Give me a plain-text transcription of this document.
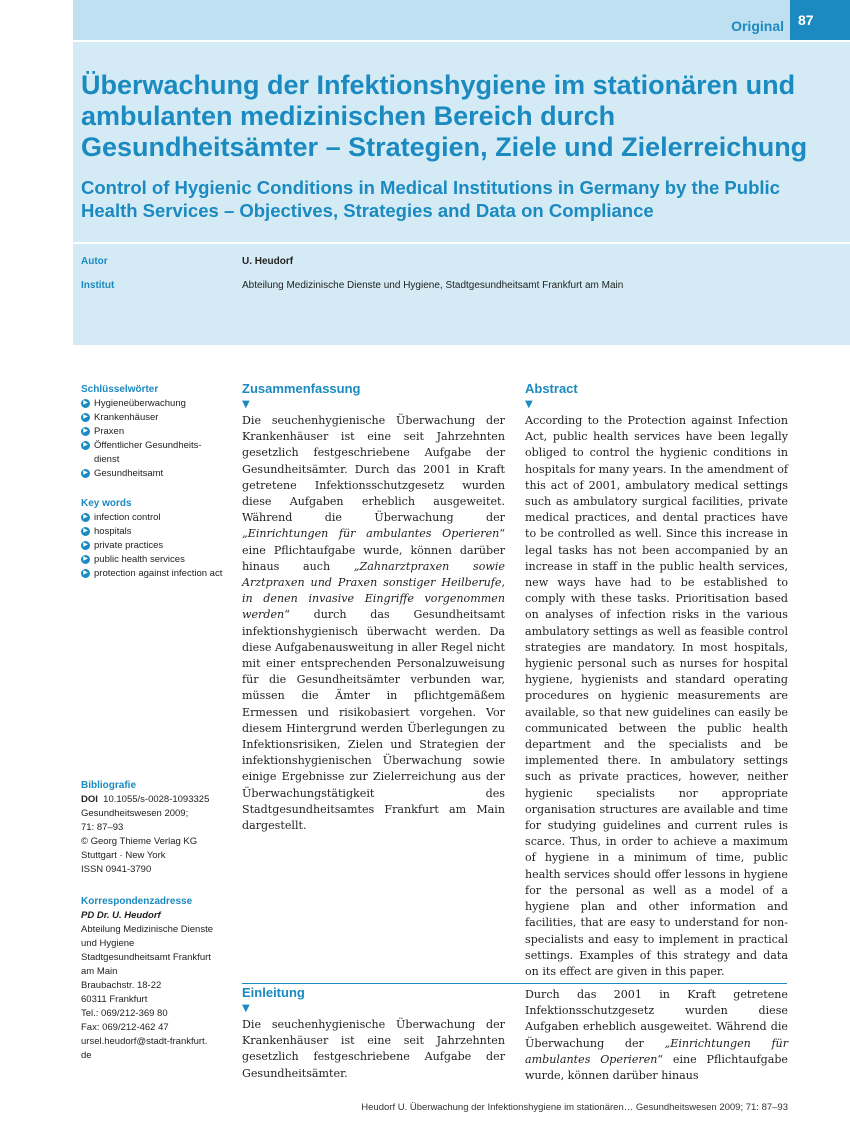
Original	87
Überwachung der Infektionshygiene im stationären und ambulanten medizinischen Bereich durch Gesundheitsämter – Strategien, Ziele und Zielerreichung
Control of Hygienic Conditions in Medical Institutions in Germany by the Public Health Services – Objectives, Strategies and Data on Compliance
Autor	U. Heudorf
Institut	Abteilung Medizinische Dienste und Hygiene, Stadtgesundheitsamt Frankfurt am Main
Schlüsselwörter
▶ Hygieneüberwachung
▶ Krankenhäuser
▶ Praxen
▶ Öffentlicher Gesundheits-dienst
▶ Gesundheitsamt
Key words
▶ infection control
▶ hospitals
▶ private practices
▶ public health services
▶ protection against infection act
Bibliografie

DOI 10.1055/s-0028-1093325

Gesundheitswesen 2009;

71: 87–93

© Georg Thieme Verlag KG

Stuttgart · New York

ISSN 0941-3790

Korrespondenzadresse

PD Dr. U. Heudorf

Abteilung Medizinische Dienste

und Hygiene

Stadtgesundheitsamt Frankfurt

am Main

Braubachstr. 18-22

60311 Frankfurt

Tel.: 069/212-369 80

Fax: 069/212-462 47

ursel.heudorf@stadt-frankfurt.

de

Zusammenfassung
▼

Die seuchenhygienische Überwachung der Krankenhäuser ist eine seit Jahrzehnten gesetzlich festgeschriebene Aufgabe der Gesundheitsämter. Durch das 2001 in Kraft getretene Infektionsschutzgesetz wurden diese Aufgaben erheblich ausgeweitet. Während die Überwachung der „Einrichtungen für ambulantes Operieren“ eine Pflichtaufgabe wurde, können darüber hinaus auch „Zahnarztpraxen sowie Arztpraxen und Praxen sonstiger Heilberufe, in denen invasive Eingriffe vorgenommen werden“ durch das Gesundheitsamt infektionshygienisch überwacht werden. Da diese Aufgabenausweitung in aller Regel nicht mit einer entsprechenden Personalzuweisung für die Gesundheitsämter verbunden war, müssen die Ämter in pflichtgemäßem Ermessen und risikobasiert vorgehen. Vor diesem Hintergrund werden Überlegungen zu Infektionsrisiken, Zielen und Strategien der infektionshygienischen Überwachung sowie einige Ergebnisse zur Zielerreichung aus der Überwachungstätigkeit des Stadtgesundheitsamtes Frankfurt am Main dargestellt.

Abstract
▼

According to the Protection against Infection Act, public health services have been legally obliged to control the hygienic conditions in hospitals for many years. In the amendment of this act of 2001, ambulatory medical settings such as ambulatory surgical facilities, private medical practices, and dental practices have to be controlled as well. Since this increase in legal tasks has not been accompanied by an increase in staff in the public health services, new ways have had to be established to comply with these tasks. Prioritisation based on analyses of infection risks in the various ambulatory settings as well as feasible control strategies are mandatory. In most hospitals, hygienic personal such as nurses for hospital hygiene, hygienists and standard operating procedures on hygienic measurements are available, so that new guidelines can easily be communicated between the public health department and the specialists and be implemented there. In ambulatory settings such as private practices, however, neither hygienic specialists nor appropriate organisation structures are available and time for studying guidelines and current rules is scarce. Thus, in order to achieve a maximum of hygiene in a minimum of time, public health services should offer lessons in hygiene for the personal as well as a model of a hygiene plan and other information and facilities, that are easy to understand for non-specialists and easy to implement in practical settings. Examples of this strategy and data on its effect are given in this paper.

Einleitung
▼

Die seuchenhygienische Überwachung der Krankenhäuser ist eine seit Jahrzehnten gesetzlich festgeschriebene Aufgabe der Gesundheitsämter.

Durch das 2001 in Kraft getretene Infektionsschutzgesetz wurden diese Aufgaben erheblich ausgeweitet. Während die Überwachung der „Einrichtungen für ambulantes Operieren“ eine Pflichtaufgabe wurde, können darüber hinaus

Heudorf U. Überwachung der Infektionshygiene im stationären… Gesundheitswesen 2009; 71: 87–93
